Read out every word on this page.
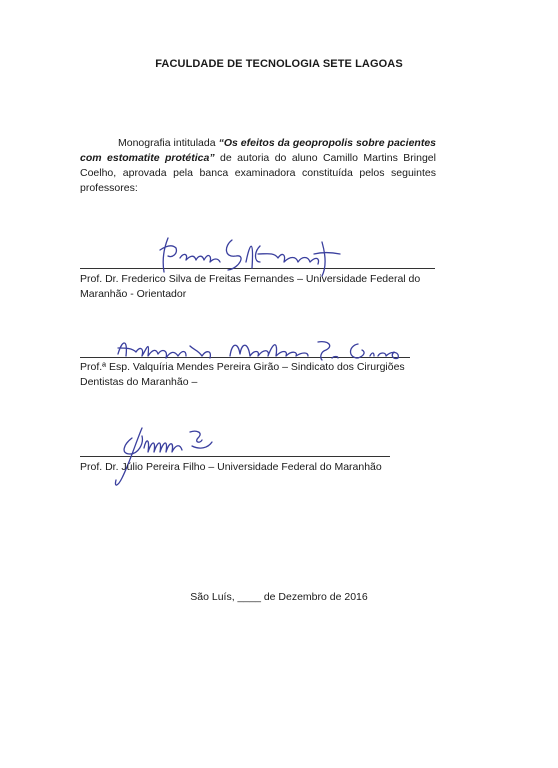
FACULDADE DE TECNOLOGIA SETE LAGOAS
Monografia intitulada “Os efeitos da geopropolis sobre pacientes com estomatite protética” de autoria do aluno Camillo Martins Bringel Coelho, aprovada pela banca examinadora constituída pelos seguintes professores:
Prof. Dr. Frederico Silva de Freitas Fernandes – Universidade Federal do
Maranhão - Orientador
Prof.ª Esp. Valquíria Mendes Pereira Girão – Sindicato dos Cirurgiões
Dentistas do Maranhão –
Prof. Dr. Júlio Pereira Filho – Universidade Federal do Maranhão
São Luís, ____ de Dezembro de 2016
